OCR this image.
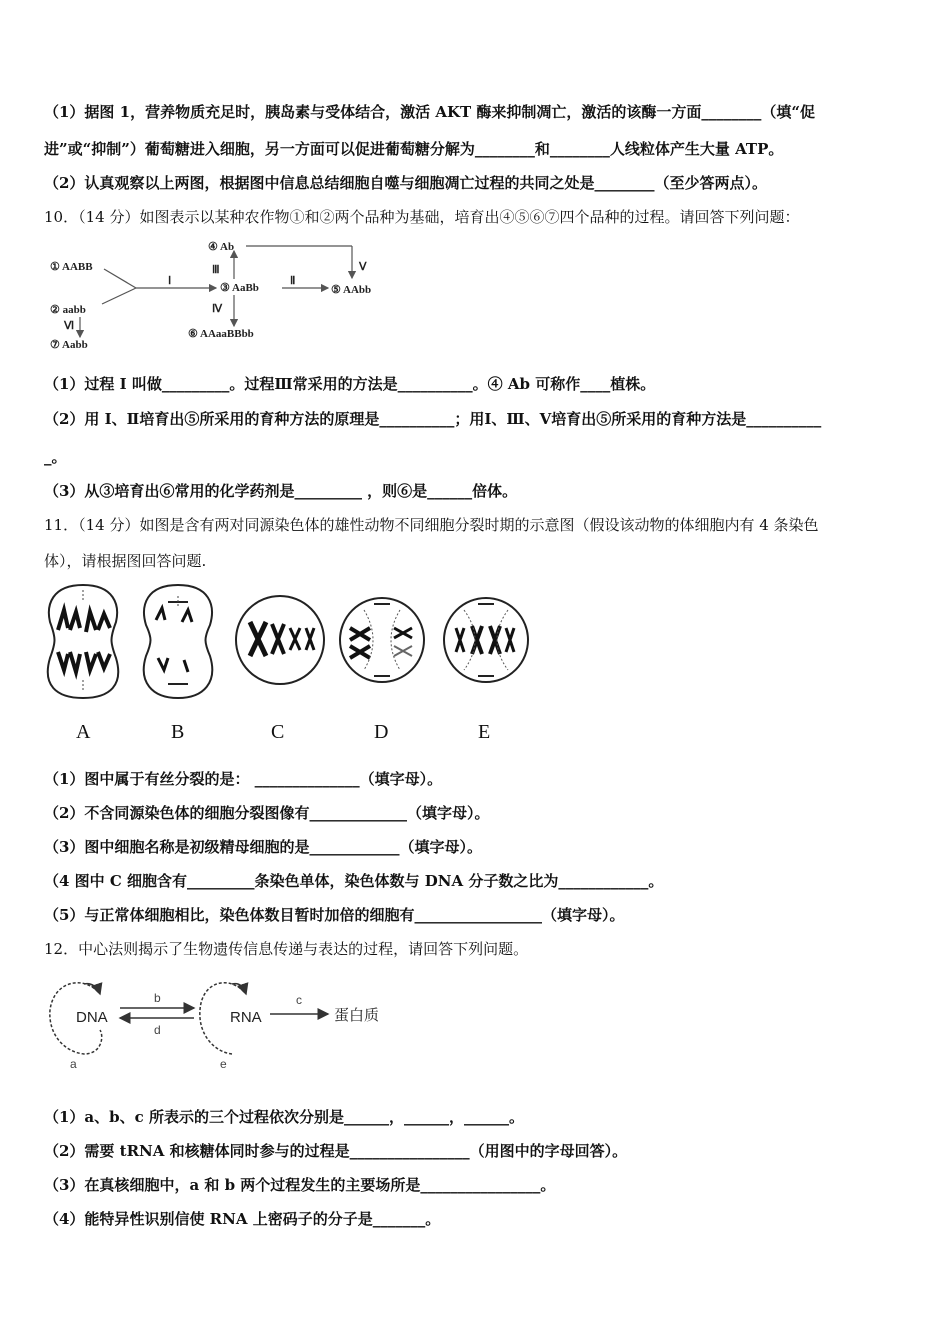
（1）据图 1，营养物质充足时，胰岛素与受体结合，激活 AKT 酶来抑制凋亡，激活的该酶一方面________（填“促
进”或“抑制”）葡萄糖进入细胞，另一方面可以促进葡萄糖分解为________和________人线粒体产生大量 ATP。
（2）认真观察以上两图，根据图中信息总结细胞自噬与细胞凋亡过程的共同之处是________（至少答两点）。
10．（14 分）如图表示以某种农作物①和②两个品种为基础，培育出④⑤⑥⑦四个品种的过程。请回答下列问题：
① AABB
② aabb
③ AaBb
④ Ab
⑤ AAbb
⑥ AAaaBBbb
⑦ Aabb
Ⅰ
Ⅲ
Ⅱ
Ⅴ
Ⅳ
Ⅵ
（1）过程 I 叫做_________。过程Ⅲ常采用的方法是__________。④ Ab 可称作____植株。
（2）用 I、Ⅱ培育出⑤所采用的育种方法的原理是__________；用Ⅰ、Ⅲ、Ⅴ培育出⑤所采用的育种方法是__________
_。
（3）从③培育出⑥常用的化学药剂是_________ ，则⑥是______倍体。
11．（14 分）如图是含有两对同源染色体的雄性动物不同细胞分裂时期的示意图（假设该动物的体细胞内有 4 条染色
体），请根据图回答问题.
A	B	C	D	E
（1）图中属于有丝分裂的是： ______________（填字母）。
（2）不含同源染色体的细胞分裂图像有_____________（填字母）。
（3）图中细胞名称是初级精母细胞的是____________（填字母）。
（4 图中 C 细胞含有_________条染色单体，染色体数与 DNA 分子数之比为____________。
（5）与正常体细胞相比，染色体数目暂时加倍的细胞有_________________（填字母）。
12．中心法则揭示了生物遗传信息传递与表达的过程，请回答下列问题。
DNA
a
b
d
RNA
e
c
蛋白质
（1）a、b、c 所表示的三个过程依次分别是______，______，______。
（2）需要 tRNA 和核糖体同时参与的过程是________________（用图中的字母回答）。
（3）在真核细胞中，a 和 b 两个过程发生的主要场所是________________。
（4）能特异性识别信使 RNA 上密码子的分子是_______。
